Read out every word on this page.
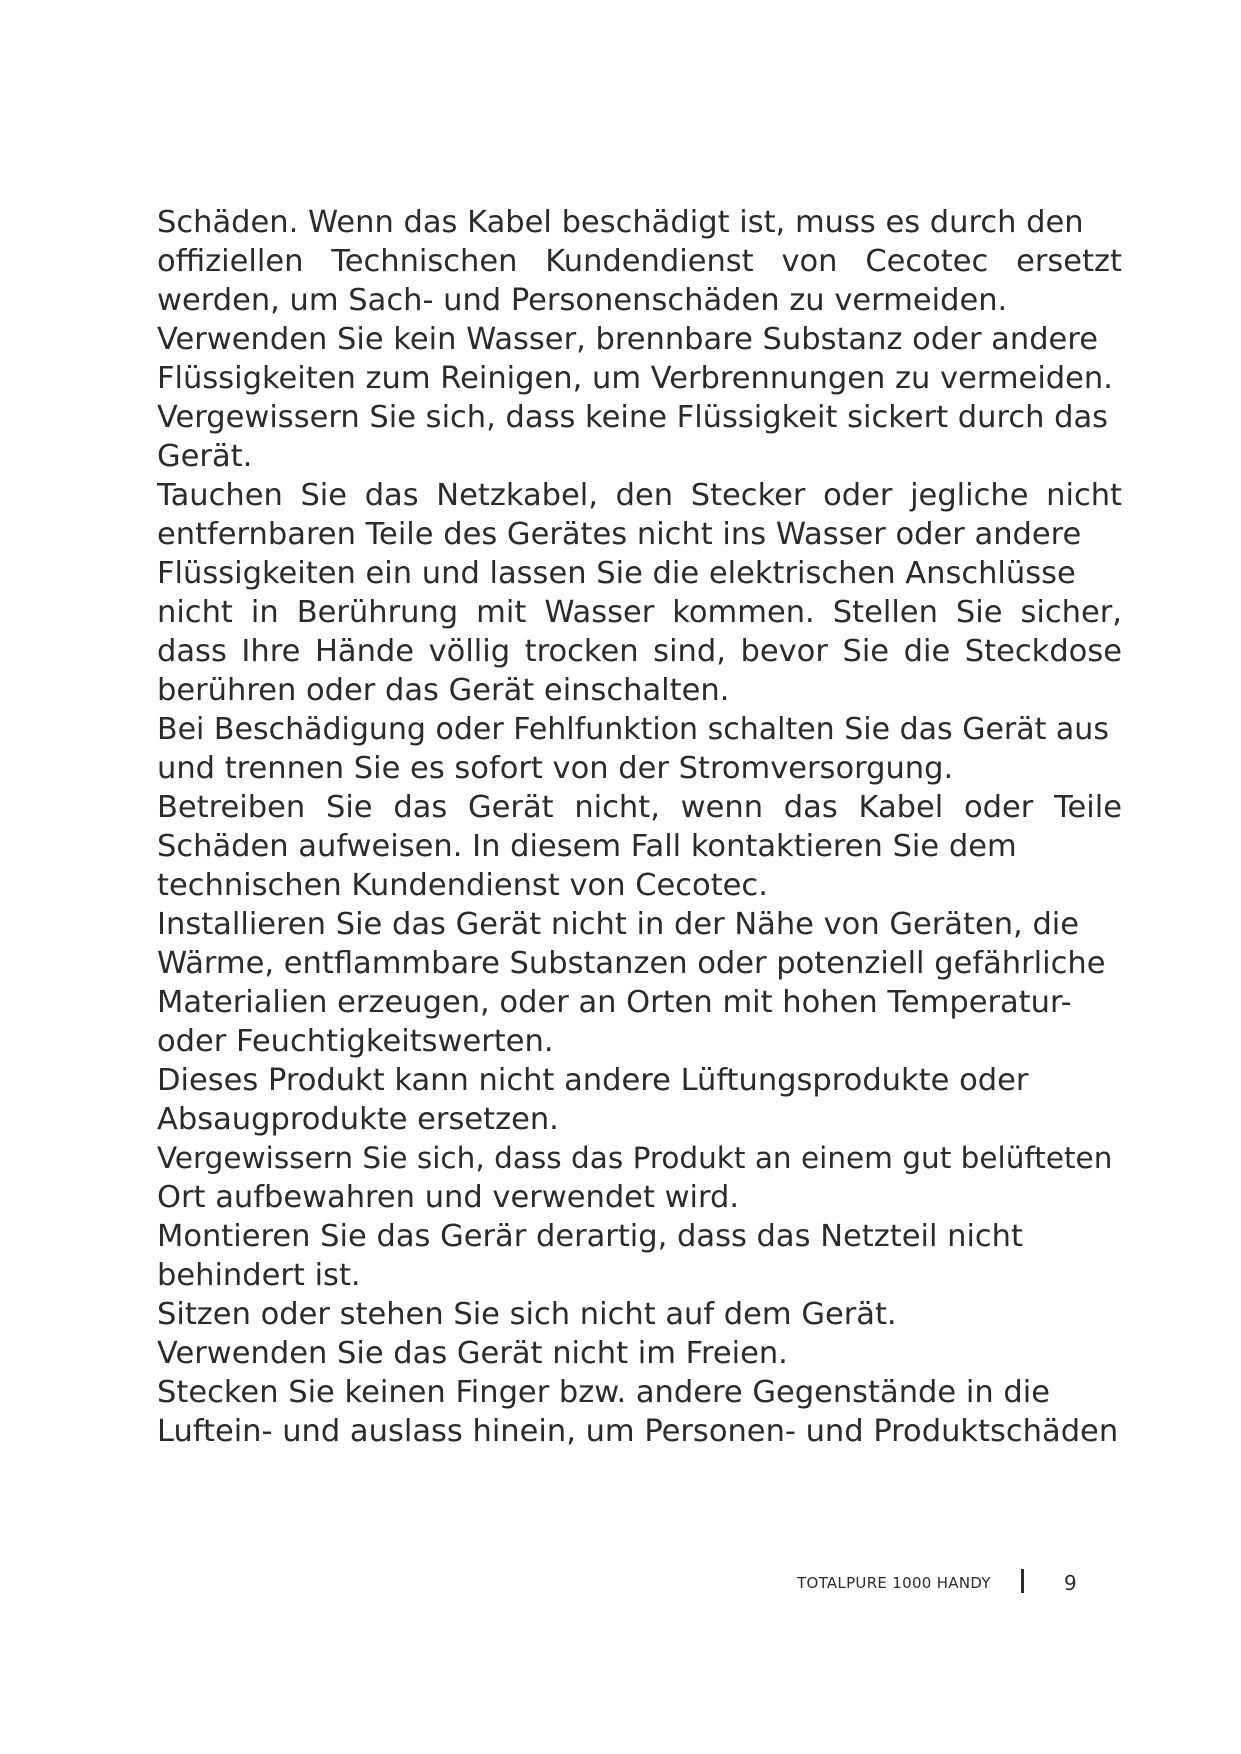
Schäden. Wenn das Kabel beschädigt ist, muss es durch den
offiziellen Technischen Kundendienst von Cecotec ersetzt
werden, um Sach- und Personenschäden zu vermeiden.
Verwenden Sie kein Wasser, brennbare Substanz oder andere
Flüssigkeiten zum Reinigen, um Verbrennungen zu vermeiden.
Vergewissern Sie sich, dass keine Flüssigkeit sickert durch das
Gerät.
Tauchen Sie das Netzkabel, den Stecker oder jegliche nicht
entfernbaren Teile des Gerätes nicht ins Wasser oder andere
Flüssigkeiten ein und lassen Sie die elektrischen Anschlüsse
nicht in Berührung mit Wasser kommen. Stellen Sie sicher,
dass Ihre Hände völlig trocken sind, bevor Sie die Steckdose
berühren oder das Gerät einschalten.
Bei Beschädigung oder Fehlfunktion schalten Sie das Gerät aus
und trennen Sie es sofort von der Stromversorgung.
Betreiben Sie das Gerät nicht, wenn das Kabel oder Teile
Schäden aufweisen. In diesem Fall kontaktieren Sie dem
technischen Kundendienst von Cecotec.
Installieren Sie das Gerät nicht in der Nähe von Geräten, die
Wärme, entflammbare Substanzen oder potenziell gefährliche
Materialien erzeugen, oder an Orten mit hohen Temperatur-
oder Feuchtigkeitswerten.
Dieses Produkt kann nicht andere Lüftungsprodukte oder
Absaugprodukte ersetzen.
Vergewissern Sie sich, dass das Produkt an einem gut belüfteten
Ort aufbewahren und verwendet wird.
Montieren Sie das Gerär derartig, dass das Netzteil nicht
behindert ist.
Sitzen oder stehen Sie sich nicht auf dem Gerät.
Verwenden Sie das Gerät nicht im Freien.
Stecken Sie keinen Finger bzw. andere Gegenstände in die
Luftein- und auslass hinein, um Personen- und Produktschäden
TOTALPURE 1000 HANDY	9
